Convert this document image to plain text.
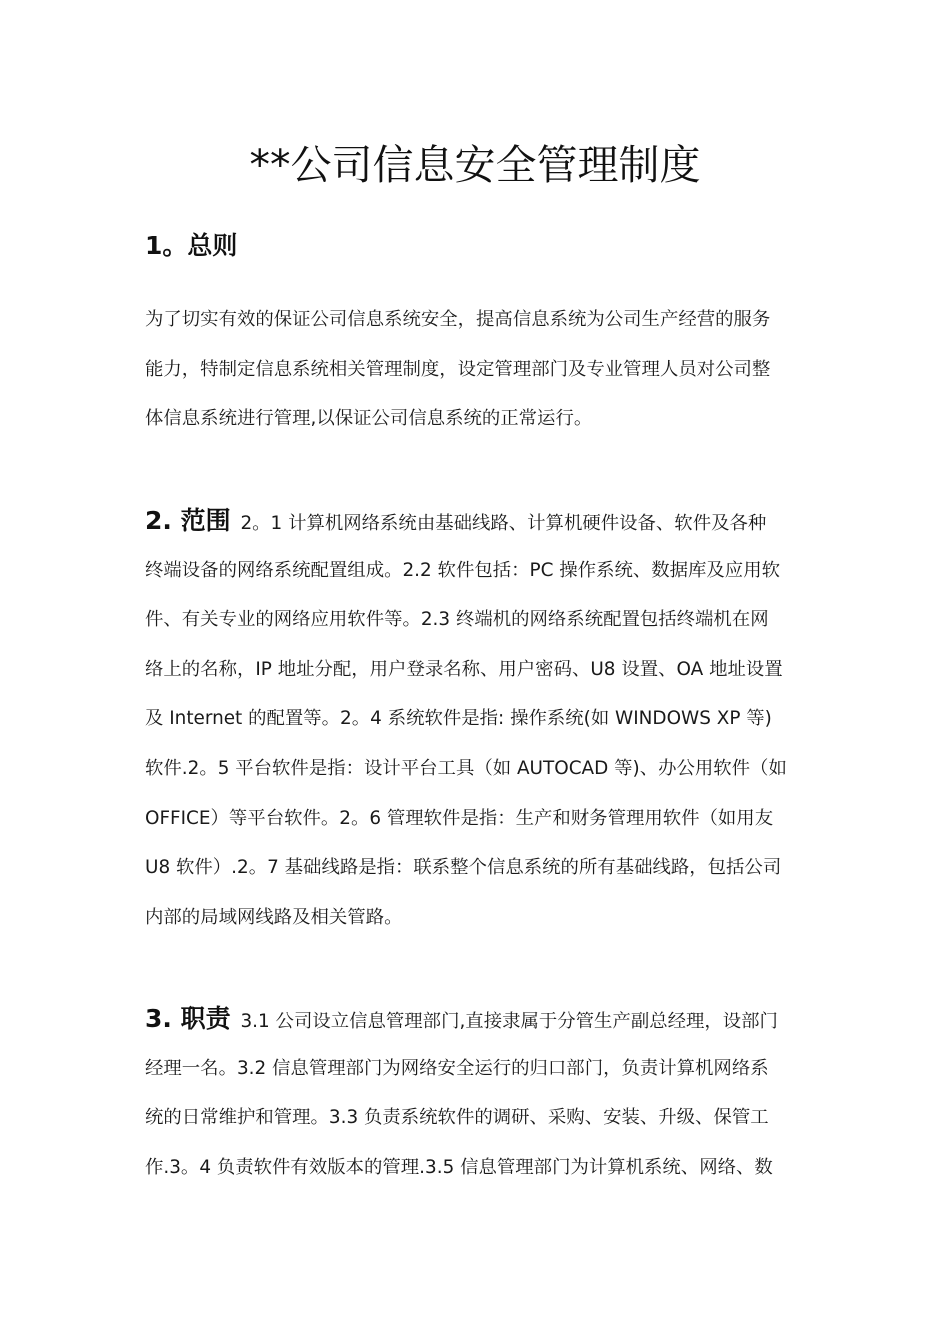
**公司信息安全管理制度
1。总则
为了切实有效的保证公司信息系统安全，提高信息系统为公司生产经营的服务
能力，特制定信息系统相关管理制度，设定管理部门及专业管理人员对公司整
体信息系统进行管理,以保证公司信息系统的正常运行。
2. 范围 2。1 计算机网络系统由基础线路、计算机硬件设备、软件及各种
终端设备的网络系统配置组成。2.2 软件包括：PC 操作系统、数据库及应用软
件、有关专业的网络应用软件等。2.3 终端机的网络系统配置包括终端机在网
络上的名称，IP 地址分配，用户登录名称、用户密码、U8 设置、OA 地址设置
及 Internet 的配置等。2。4 系统软件是指: 操作系统(如 WINDOWS XP 等)
软件.2。5 平台软件是指：设计平台工具（如 AUTOCAD 等)、办公用软件（如
OFFICE）等平台软件。2。6 管理软件是指：生产和财务管理用软件（如用友
U8 软件）.2。7 基础线路是指：联系整个信息系统的所有基础线路，包括公司
内部的局域网线路及相关管路。
3. 职责 3.1 公司设立信息管理部门,直接隶属于分管生产副总经理，设部门
经理一名。3.2 信息管理部门为网络安全运行的归口部门，负责计算机网络系
统的日常维护和管理。3.3 负责系统软件的调研、采购、安装、升级、保管工
作.3。4 负责软件有效版本的管理.3.5 信息管理部门为计算机系统、网络、数
